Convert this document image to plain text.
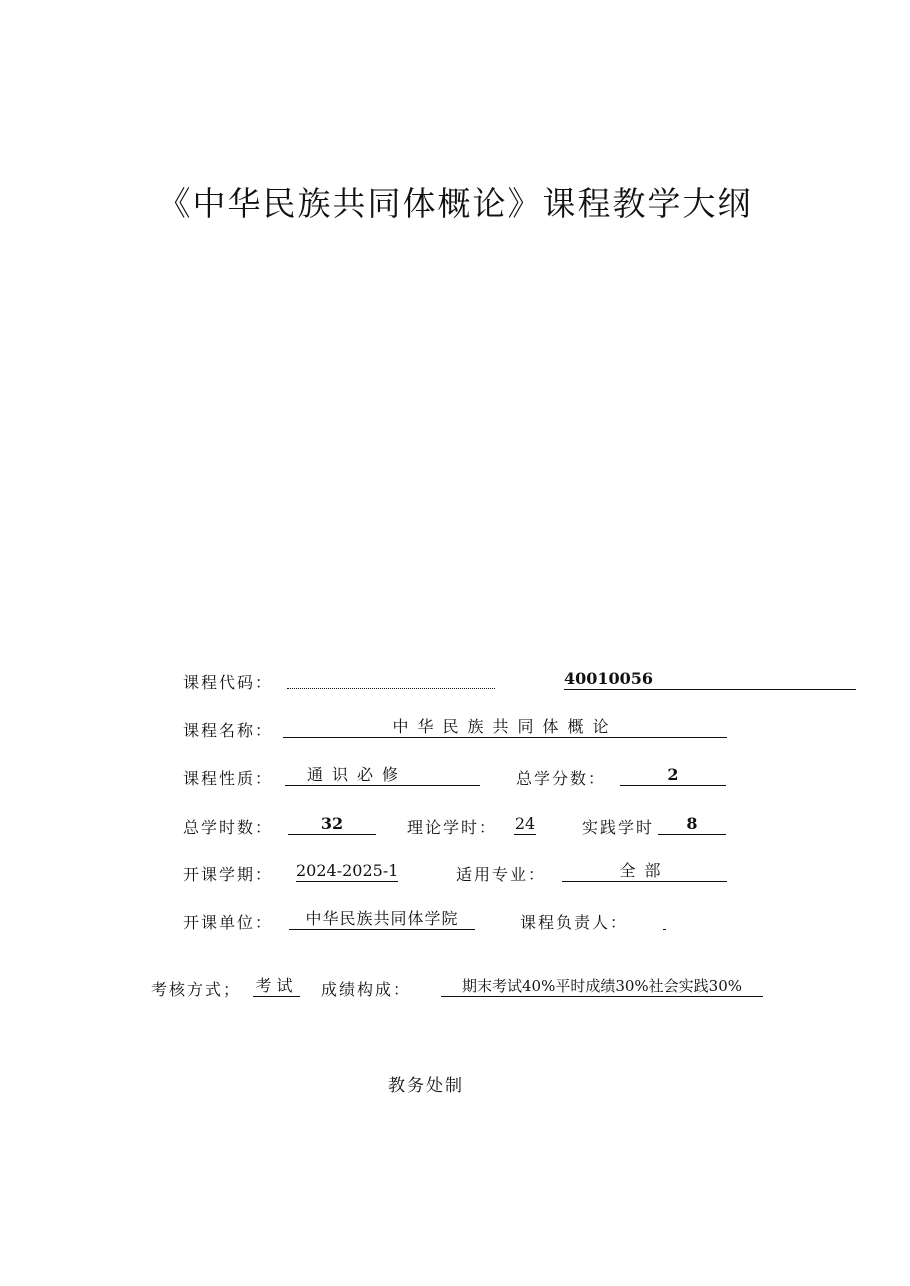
《中华民族共同体概论》课程教学大纲
课程代码：	40010056
课程名称：	中华民族共同体概论
课程性质：	通识必修	总学分数：	2
总学时数：	32	理论学时： 24	实践学时	8
开课学期： 2024-2025-1	适用专业：	全部
开课单位：	中华民族共同体学院	课程负责人：
考核方式； 考试 成绩构成：	期末考试40%平时成绩30%社会实践30%
教务处制
